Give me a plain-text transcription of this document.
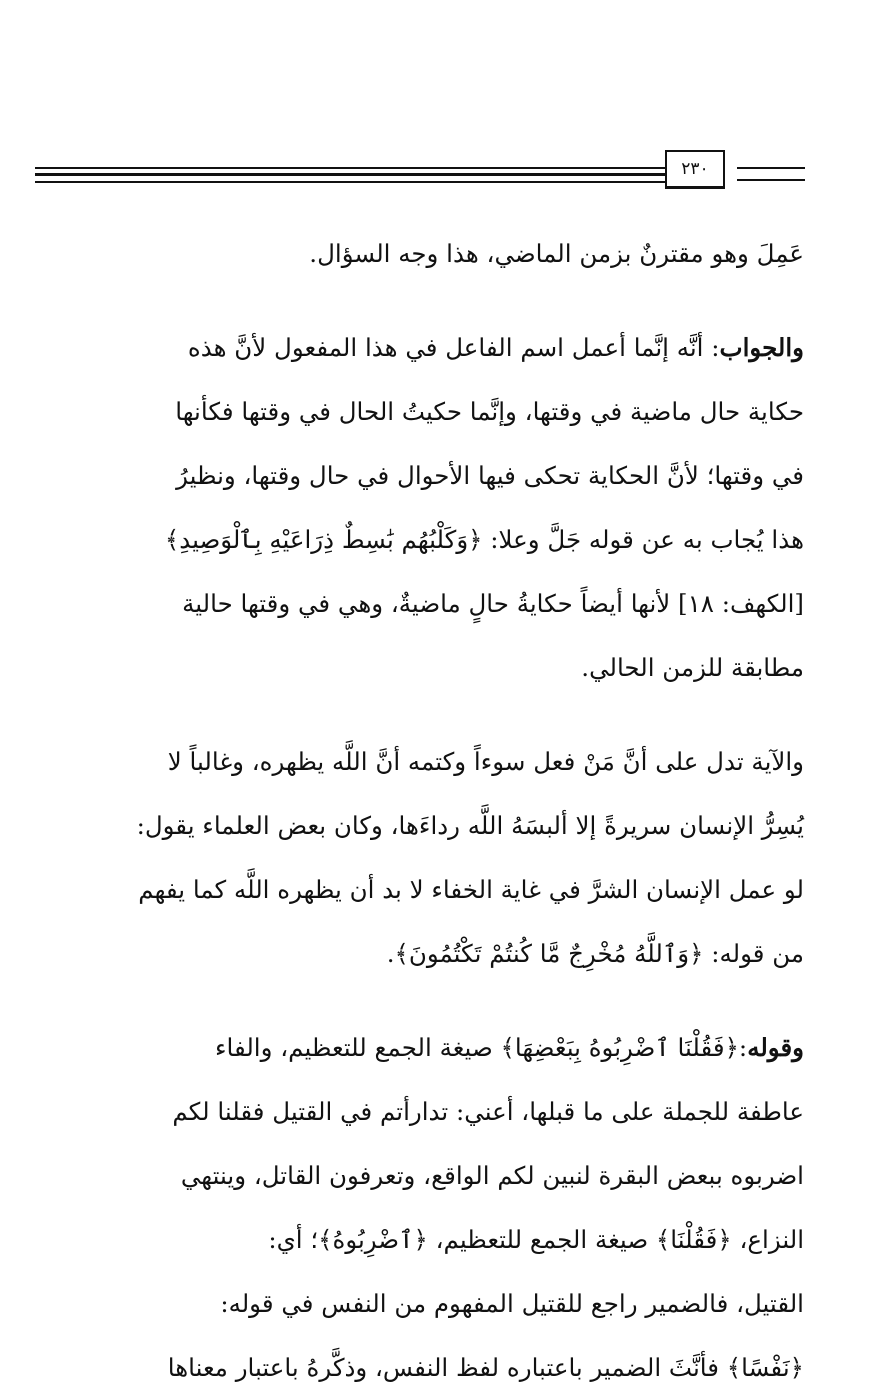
٢٣٠

عَمِلَ وهو مقترنٌ بزمن الماضي، هذا وجه السؤال.

والجواب: أنَّه إنَّما أعمل اسم الفاعل في هذا المفعول لأنَّ هذه
حكاية حال ماضية في وقتها، وإنَّما حكيتُ الحال في وقتها فكأنها
في وقتها؛ لأنَّ الحكاية تحكى فيها الأحوال في حال وقتها، ونظيرُ
هذا يُجاب به عن قوله جَلَّ وعلا: ﴿وَكَلْبُهُم بَٰسِطٌ ذِرَاعَيْهِ بِٱلْوَصِيدِ﴾
[الكهف: ١٨] لأنها أيضاً حكايةُ حالٍ ماضيةٌ، وهي في وقتها حالية
مطابقة للزمن الحالي.

والآية تدل على أنَّ مَنْ فعل سوءاً وكتمه أنَّ اللَّه يظهره، وغالباً لا
يُسِرُّ الإنسان سريرةً إلا ألبسَهُ اللَّه رداءَها، وكان بعض العلماء يقول:
لو عمل الإنسان الشرَّ في غاية الخفاء لا بد أن يظهره اللَّه كما يفهم
من قوله: ﴿وَٱللَّهُ مُخْرِجٌ مَّا كُنتُمْ تَكْتُمُونَ﴾.

وقوله:﴿فَقُلْنَا ٱضْرِبُوهُ بِبَعْضِهَا﴾ صيغة الجمع للتعظيم، والفاء
عاطفة للجملة على ما قبلها، أعني: تدارأتم في القتيل فقلنا لكم
اضربوه ببعض البقرة لنبين لكم الواقع، وتعرفون القاتل، وينتهي
النزاع، ﴿فَقُلْنَا﴾ صيغة الجمع للتعظيم، ﴿ٱضْرِبُوهُ﴾؛ أي:
القتيل، فالضمير راجع للقتيل المفهوم من النفس في قوله:
﴿نَفْسًا﴾ فأنَّثَ الضمير باعتباره لفظ النفس، وذكَّرهُ باعتبار معناها
